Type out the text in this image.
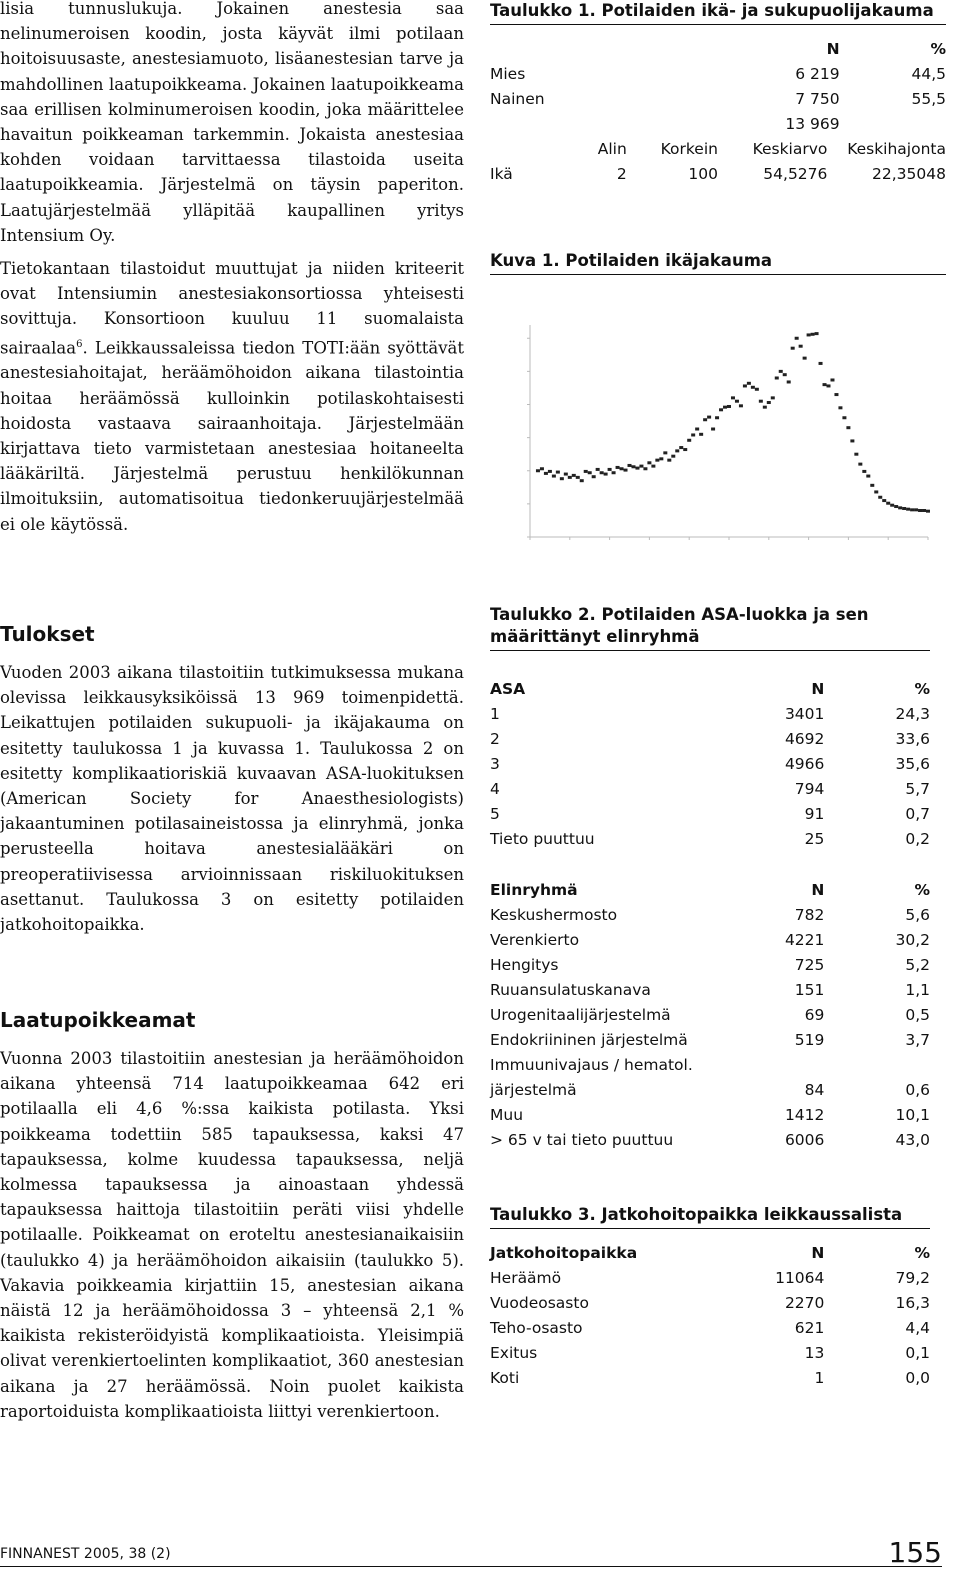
lisia tunnuslukuja. Jokainen anestesia saa nelinumeroisen koodin, josta käyvät ilmi potilaan hoitoisuusaste, anestesiamuoto, lisäanestesian tarve ja mahdollinen laatupoikkeama. Jokainen laatupoikkeama saa erillisen kolminumeroisen koodin, joka määrittelee havaitun poikkeaman tarkemmin. Jokaista anestesiaa kohden voidaan tarvittaessa tilastoida useita laatupoikkeamia. Järjestelmä on täysin paperiton. Laatujärjestelmää ylläpitää kaupallinen yritys Intensium Oy.

Tietokantaan tilastoidut muuttujat ja niiden kriteerit ovat Intensiumin anestesiakonsortiossa yhteisesti sovittuja. Konsortioon kuuluu 11 suomalaista sairaalaa$^6$. Leikkaussaleissa tiedon TOTI:ään syöttävät anestesiahoitajat, heräämöhoidon aikana tilastointia hoitaa heräämössä kulloinkin potilaskohtaisesti hoidosta vastaava sairaanhoitaja. Järjestelmään kirjattava tieto varmistetaan anestesiaa hoitaneelta lääkäriltä. Järjestelmä perustuu henkilökunnan ilmoituksiin, automatisoitua tiedonkeruujärjestelmää ei ole käytössä.

Tulokset

Vuoden 2003 aikana tilastoitiin tutkimuksessa mukana olevissa leikkausyksiköissä 13 969 toimenpidettä. Leikattujen potilaiden sukupuoli- ja ikäjakauma on esitetty taulukossa 1 ja kuvassa 1. Taulukossa 2 on esitetty komplikaatioriskiä kuvaavan ASA-luokituksen (American Society for Anaesthesiologists) jakaantuminen potilasaineistossa ja elinryhmä, jonka perusteella hoitava anestesialääkäri on preoperatiivisessa arvioinnissaan riskiluokituksen asettanut. Taulukossa 3 on esitetty potilaiden jatkohoitopaikka.

Laatupoikkeamat

Vuonna 2003 tilastoitiin anestesian ja heräämöhoidon aikana yhteensä 714 laatupoikkeamaa 642 eri potilaalla eli 4,6 %:ssa kaikista potilasta. Yksi poikkeama todettiin 585 tapauksessa, kaksi 47 tapauksessa, kolme kuudessa tapauksessa, neljä kolmessa tapauksessa ja ainoastaan yhdessä tapauksessa haittoja tilastoitiin peräti viisi yhdelle potilaalle. Poikkeamat on eroteltu anestesianaikaisiin (taulukko 4) ja heräämöhoidon aikaisiin (taulukko 5). Vakavia poikkeamia kirjattiin 15, anestesian aikana näistä 12 ja heräämöhoidossa 3 – yhteensä 2,1 % kaikista rekisteröidyistä komplikaatioista. Yleisimpiä olivat verenkiertoelinten komplikaatiot, 360 anestesian aikana ja 27 heräämössä. Noin puolet kaikista raportoiduista komplikaatioista liittyi verenkiertoon.

Taulukko 1. Potilaiden ikä- ja sukupuolijakauma
	N	%
Mies	6 219	44,5
Nainen	7 750	55,5
	13 969	
	Alin	Korkein	Keskiarvo	Keskihajonta
Ikä	2	100	54,5276	22,35048
Kuva 1. Potilaiden ikäjakauma
Taulukko 2. Potilaiden ASA-luokka ja sen määrittänyt elinryhmä
ASA	N	%
1	3401	24,3
2	4692	33,6
3	4966	35,6
4	794	5,7
5	91	0,7
Tieto puuttuu	25	0,2
Elinryhmä	N	%
Keskushermosto	782	5,6
Verenkierto	4221	30,2
Hengitys	725	5,2
Ruuansulatuskanava	151	1,1
Urogenitaalijärjestelmä	69	0,5
Endokriininen järjestelmä	519	3,7
Immuunivajaus / hematol.		
järjestelmä	84	0,6
Muu	1412	10,1
> 65 v tai tieto puuttuu	6006	43,0
Taulukko 3. Jatkohoitopaikka leikkaussalista
Jatkohoitopaikka	N	%
Heräämö	11064	79,2
Vuodeosasto	2270	16,3
Teho-osasto	621	4,4
Exitus	13	0,1
Koti	1	0,0
FINNANEST 2005, 38 (2)	155
